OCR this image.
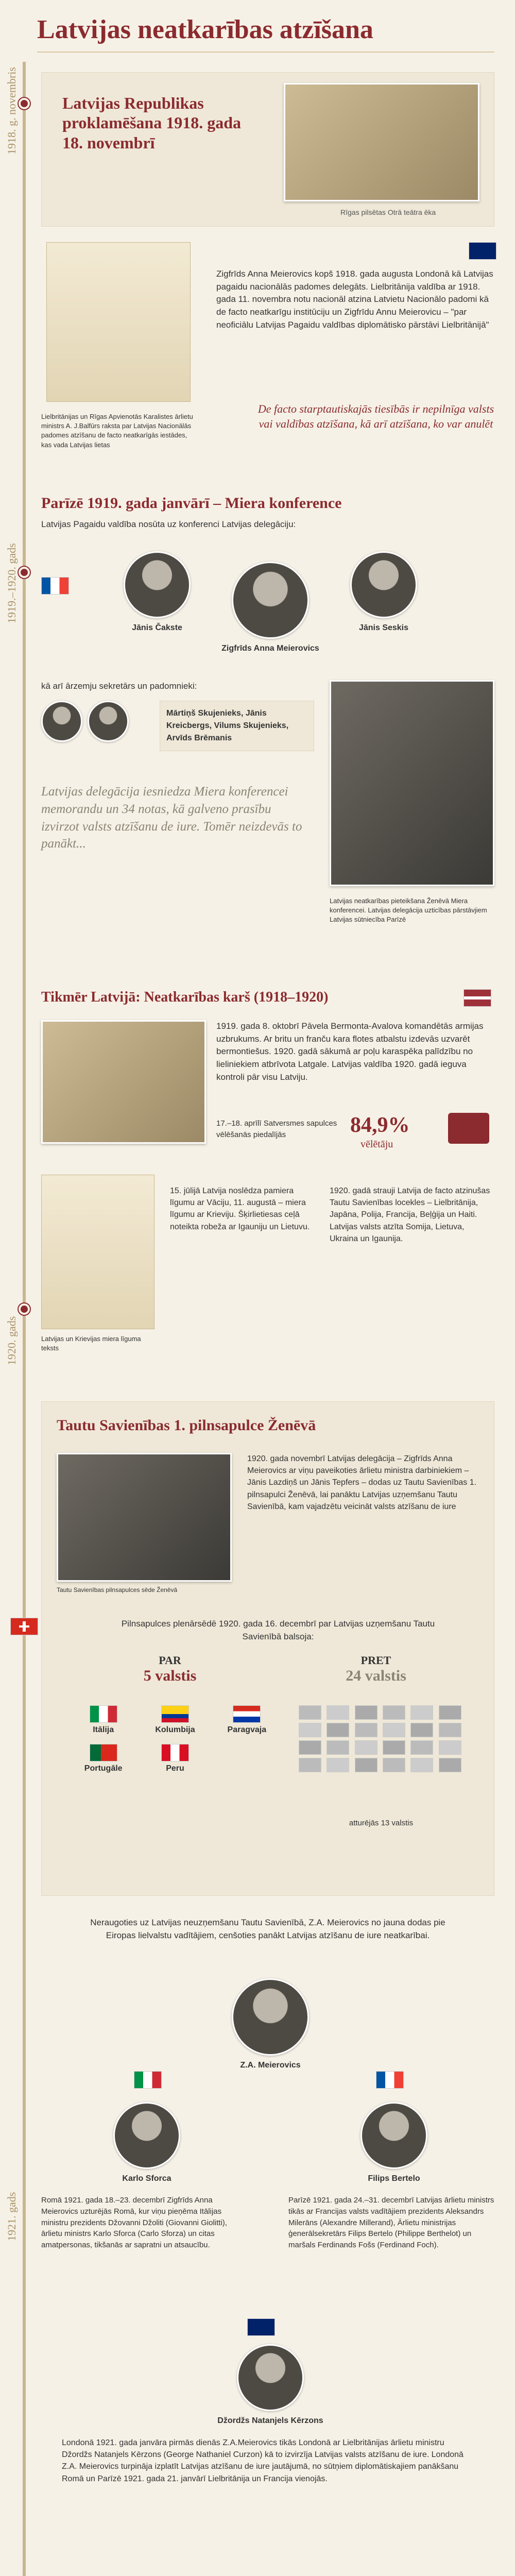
Latvijas neatkarības atzīšana
1918. g. novembris
1919.–1920. gads
1920. gads
1921. gads
Latvijas Republikas proklamēšana 1918. gada 18. novembrī
Rīgas pilsētas Otrā teātra ēka
Lielbritānijas un Rīgas Apvienotās Karalistes ārlietu ministrs A. J.Balfūrs raksta par Latvijas Nacionālās padomes atzīšanu de facto neatkarīgās iestādes, kas vada Latvijas lietas
Zigfrīds Anna Meierovics kopš 1918. gada augusta Londonā kā Latvijas pagaidu nacionālās padomes delegāts. Lielbritānija valdība ar 1918. gada 11. novembra notu nacionāl atzina Latvietu Nacionālo padomi kā de facto neatkarīgu institūciju un Zigfrīdu Annu Meierovicu – "par neoficiālu Latvijas Pagaidu valdības diplomātisko pārstāvi Lielbritānijā"
De facto starptautiskajās tiesībās ir nepilnīga valsts vai valdības atzīšana, kā arī atzīšana, ko var anulēt
Parīzē 1919. gada janvārī – Miera konference
Latvijas Pagaidu valdība nosūta uz konferenci Latvijas delegāciju:
Jānis Čakste
Zigfrīds Anna Meierovics
Jānis Seskis
kā arī ārzemju sekretārs un padomnieki:
Mārtiņš Skujenieks, Jānis Kreicbergs, Vilums Skujenieks, Arvīds Brēmanis
Latvijas delegācija iesniedza Miera konferencei memorandu un 34 notas, kā galveno prasību izvirzot valsts atzīšanu de iure. Tomēr neizdevās to panākt...
Latvijas neatkarības pieteikšana Ženēvā Miera konferencei. Latvijas delegācija uzticības pārstāvjiem Latvijas sūtniecība Parīzē
Tikmēr Latvijā: Neatkarības karš (1918–1920)
1919. gada 8. oktobrī Pāvela Bermonta-Avalova komandētās armijas uzbrukums. Ar britu un franču kara flotes atbalstu izdevās uzvarēt bermontiešus. 1920. gadā sākumā ar poļu karaspēka palīdzību no lieliniekiem atbrīvota Latgale. Latvijas valdība 1920. gadā ieguva kontroli pār visu Latviju.
17.–18. aprīlī Satversmes sapulces vēlēšanās piedalījās	84,9%
vēlētāju
Latvijas un Krievijas miera līguma teksts
15. jūlijā Latvija noslēdza pamiera līgumu ar Vāciju, 11. augustā – miera līgumu ar Krieviju. Šķirlietiesas ceļā noteikta robeža ar Igauniju un Lietuvu.
1920. gadā strauji Latvija de facto atzinušas Tautu Savienības locekles – Lielbritānija, Japāna, Polija, Francija, Beļģija un Haiti. Latvijas valsts atzīta Somija, Lietuva, Ukraina un Igaunija.
Tautu Savienības 1. pilnsapulce Ženēvā
Tautu Savienības pilnsapulces sēde Ženēvā
1920. gada novembrī Latvijas delegācija – Zigfrīds Anna Meierovics ar viņu paveikoties ārlietu ministra darbiniekiem – Jānis Lazdiņš un Jānis Tepfers – dodas uz Tautu Savienības 1. pilnsapulci Ženēvā, lai panāktu Latvijas uzņemšanu Tautu Savienībā, kam vajadzētu veicināt valsts atzīšanu de iure
Pilnsapulces plenārsēdē 1920. gada 16. decembrī par Latvijas uzņemšanu Tautu Savienībā balsoja:
PAR
5 valstis
PRET
24 valstis
Itālija	Kolumbija	Paragvaja
Portugāle	Peru
atturējās 13 valstis
Neraugoties uz Latvijas neuzņemšanu Tautu Savienībā, Z.A. Meierovics no jauna dodas pie Eiropas lielvalstu vadītājiem, cenšoties panākt Latvijas atzīšanu de iure neatkarībai.
Z.A. Meierovics
Karlo Sforca
Romā 1921. gada 18.–23. decembrī Zigfrīds Anna Meierovics uzturējās Romā, kur viņu pieņēma Itālijas ministru prezidents Džovanni Džoliti (Giovanni Giolitti), ārlietu ministrs Karlo Sforca (Carlo Sforza) un citas amatpersonas, tikšanās ar sapratni un atsaucību.
Filips Bertelo
Parīzē 1921. gada 24.–31. decembrī Latvijas ārlietu ministrs tikās ar Francijas valsts vadītājiem prezidents Aleksandrs Milerāns (Alexandre Millerand), Ārlietu ministrijas ģenerālsekretārs Filips Bertelo (Philippe Berthelot) un maršals Ferdinands Fošs (Ferdinand Foch).
Džordžs Natanjels Kērzons
Londonā 1921. gada janvāra pirmās dienās Z.A.Meierovics tikās Londonā ar Lielbritānijas ārlietu ministru Džordžs Natanjels Kērzons (George Nathaniel Curzon) kā to izvirzīja Latvijas valsts atzīšanu de iure. Londonā Z.A. Meierovics turpināja izplatīt Latvijas atzīšanu de iure jautājumā, no sūtņiem diplomātiskajiem panākšanu Romā un Parīzē 1921. gada 21. janvārī Lielbritānija un Francija vienojās.
